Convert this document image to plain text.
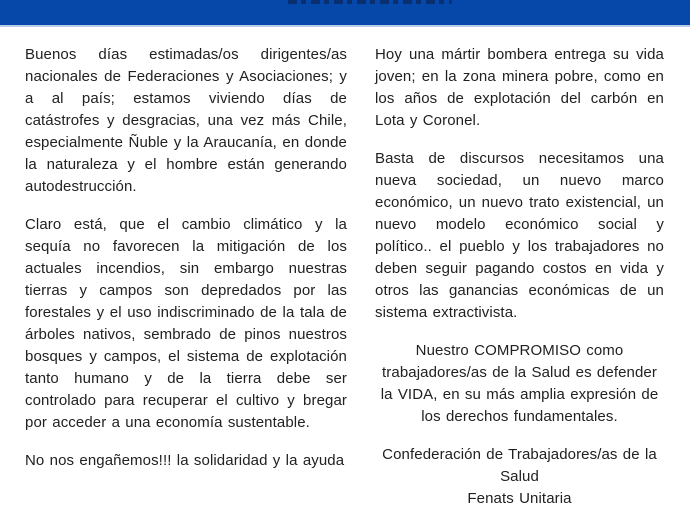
Buenos días estimadas/os dirigentes/as nacionales de Federaciones y Asociaciones; y a al país; estamos viviendo días de catástrofes y desgracias, una vez más Chile, especialmente Ñuble y la Araucanía, en donde la naturaleza y el hombre están generando autodestrucción.

Claro está, que el cambio climático y la sequía no favorecen la mitigación de los actuales incendios, sin embargo nuestras tierras y campos son depredados por las forestales y el uso indiscriminado de la tala de árboles nativos, sembrado de pinos nuestros bosques y campos, el sistema de explotación tanto humano y de la tierra debe ser controlado para recuperar el cultivo y bregar por acceder a una economía sustentable.

No nos engañemos!!! la solidaridad y la ayuda

Hoy una mártir bombera entrega su vida joven; en la zona minera pobre, como en los años de explotación del carbón en Lota y Coronel.

Basta de discursos necesitamos una nueva sociedad, un nuevo marco económico, un nuevo trato existencial, un nuevo modelo económico social y político.. el pueblo y los trabajadores no deben seguir pagando costos en vida y otros las ganancias económicas de un sistema extractivista.

Nuestro COMPROMISO como trabajadores/as de la Salud es defender la VIDA, en su más amplia expresión de los derechos fundamentales.

Confederación de Trabajadores/as de la Salud
Fenats Unitaria
